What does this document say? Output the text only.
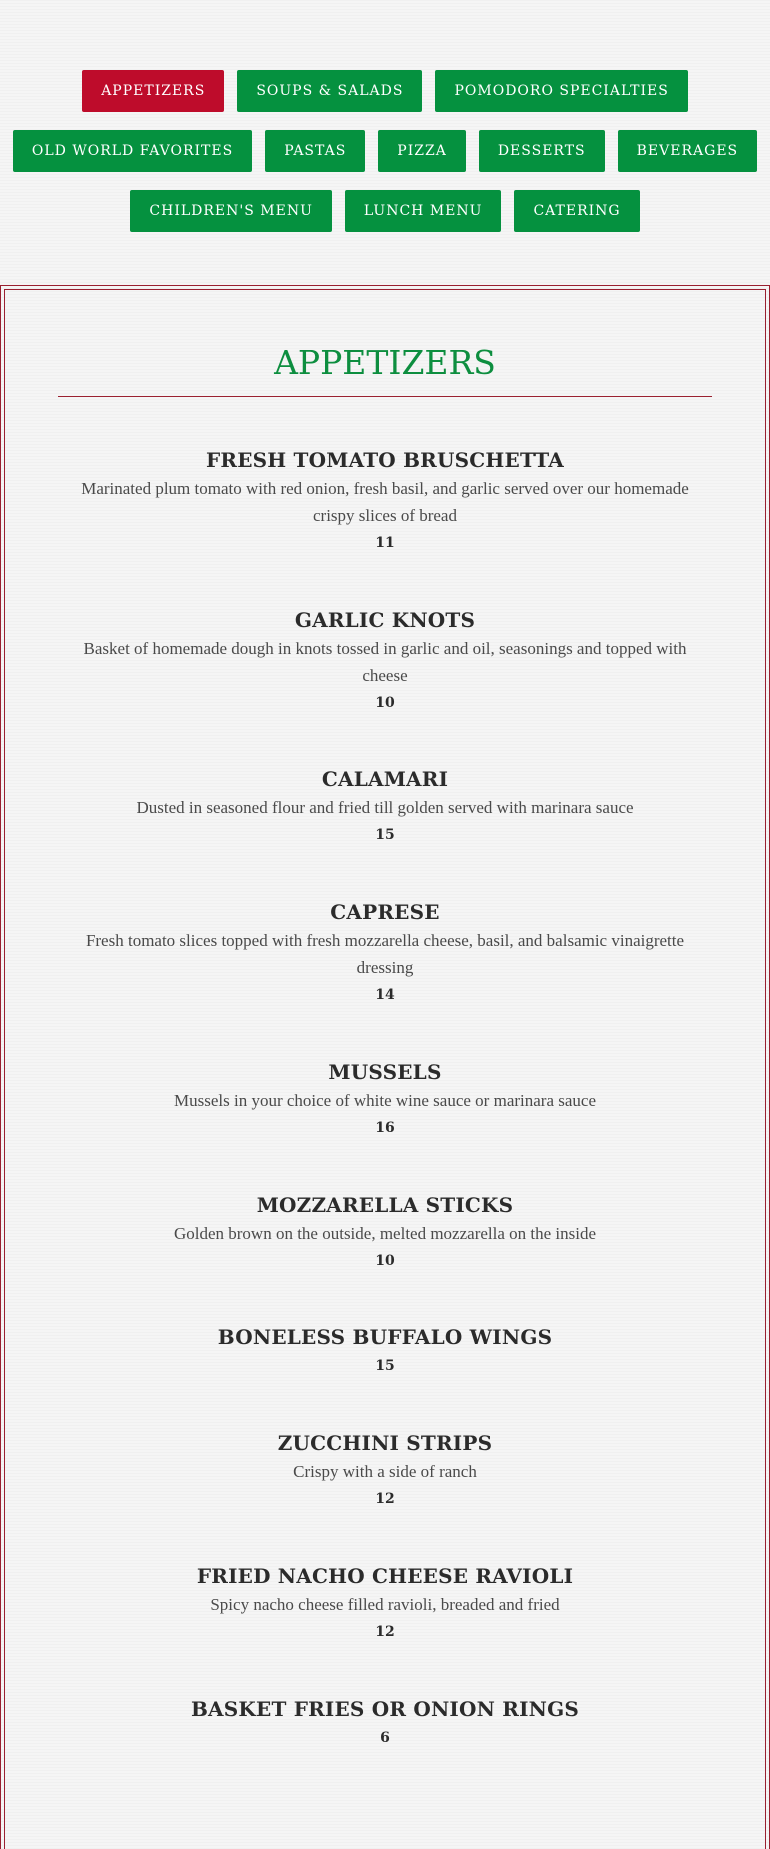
APPETIZERS	SOUPS & SALADS	POMODORO SPECIALTIES
OLD WORLD FAVORITES	PASTAS	PIZZA	DESSERTS	BEVERAGES
CHILDREN'S MENU	LUNCH MENU	CATERING
APPETIZERS
FRESH TOMATO BRUSCHETTA
Marinated plum tomato with red onion, fresh basil, and garlic served over our homemade crispy slices of bread
11
GARLIC KNOTS
Basket of homemade dough in knots tossed in garlic and oil, seasonings and topped with cheese
10
CALAMARI
Dusted in seasoned flour and fried till golden served with marinara sauce
15
CAPRESE
Fresh tomato slices topped with fresh mozzarella cheese, basil, and balsamic vinaigrette dressing
14
MUSSELS
Mussels in your choice of white wine sauce or marinara sauce
16
MOZZARELLA STICKS
Golden brown on the outside, melted mozzarella on the inside
10
BONELESS BUFFALO WINGS
15
ZUCCHINI STRIPS
Crispy with a side of ranch
12
FRIED NACHO CHEESE RAVIOLI
Spicy nacho cheese filled ravioli, breaded and fried
12
BASKET FRIES OR ONION RINGS
6
